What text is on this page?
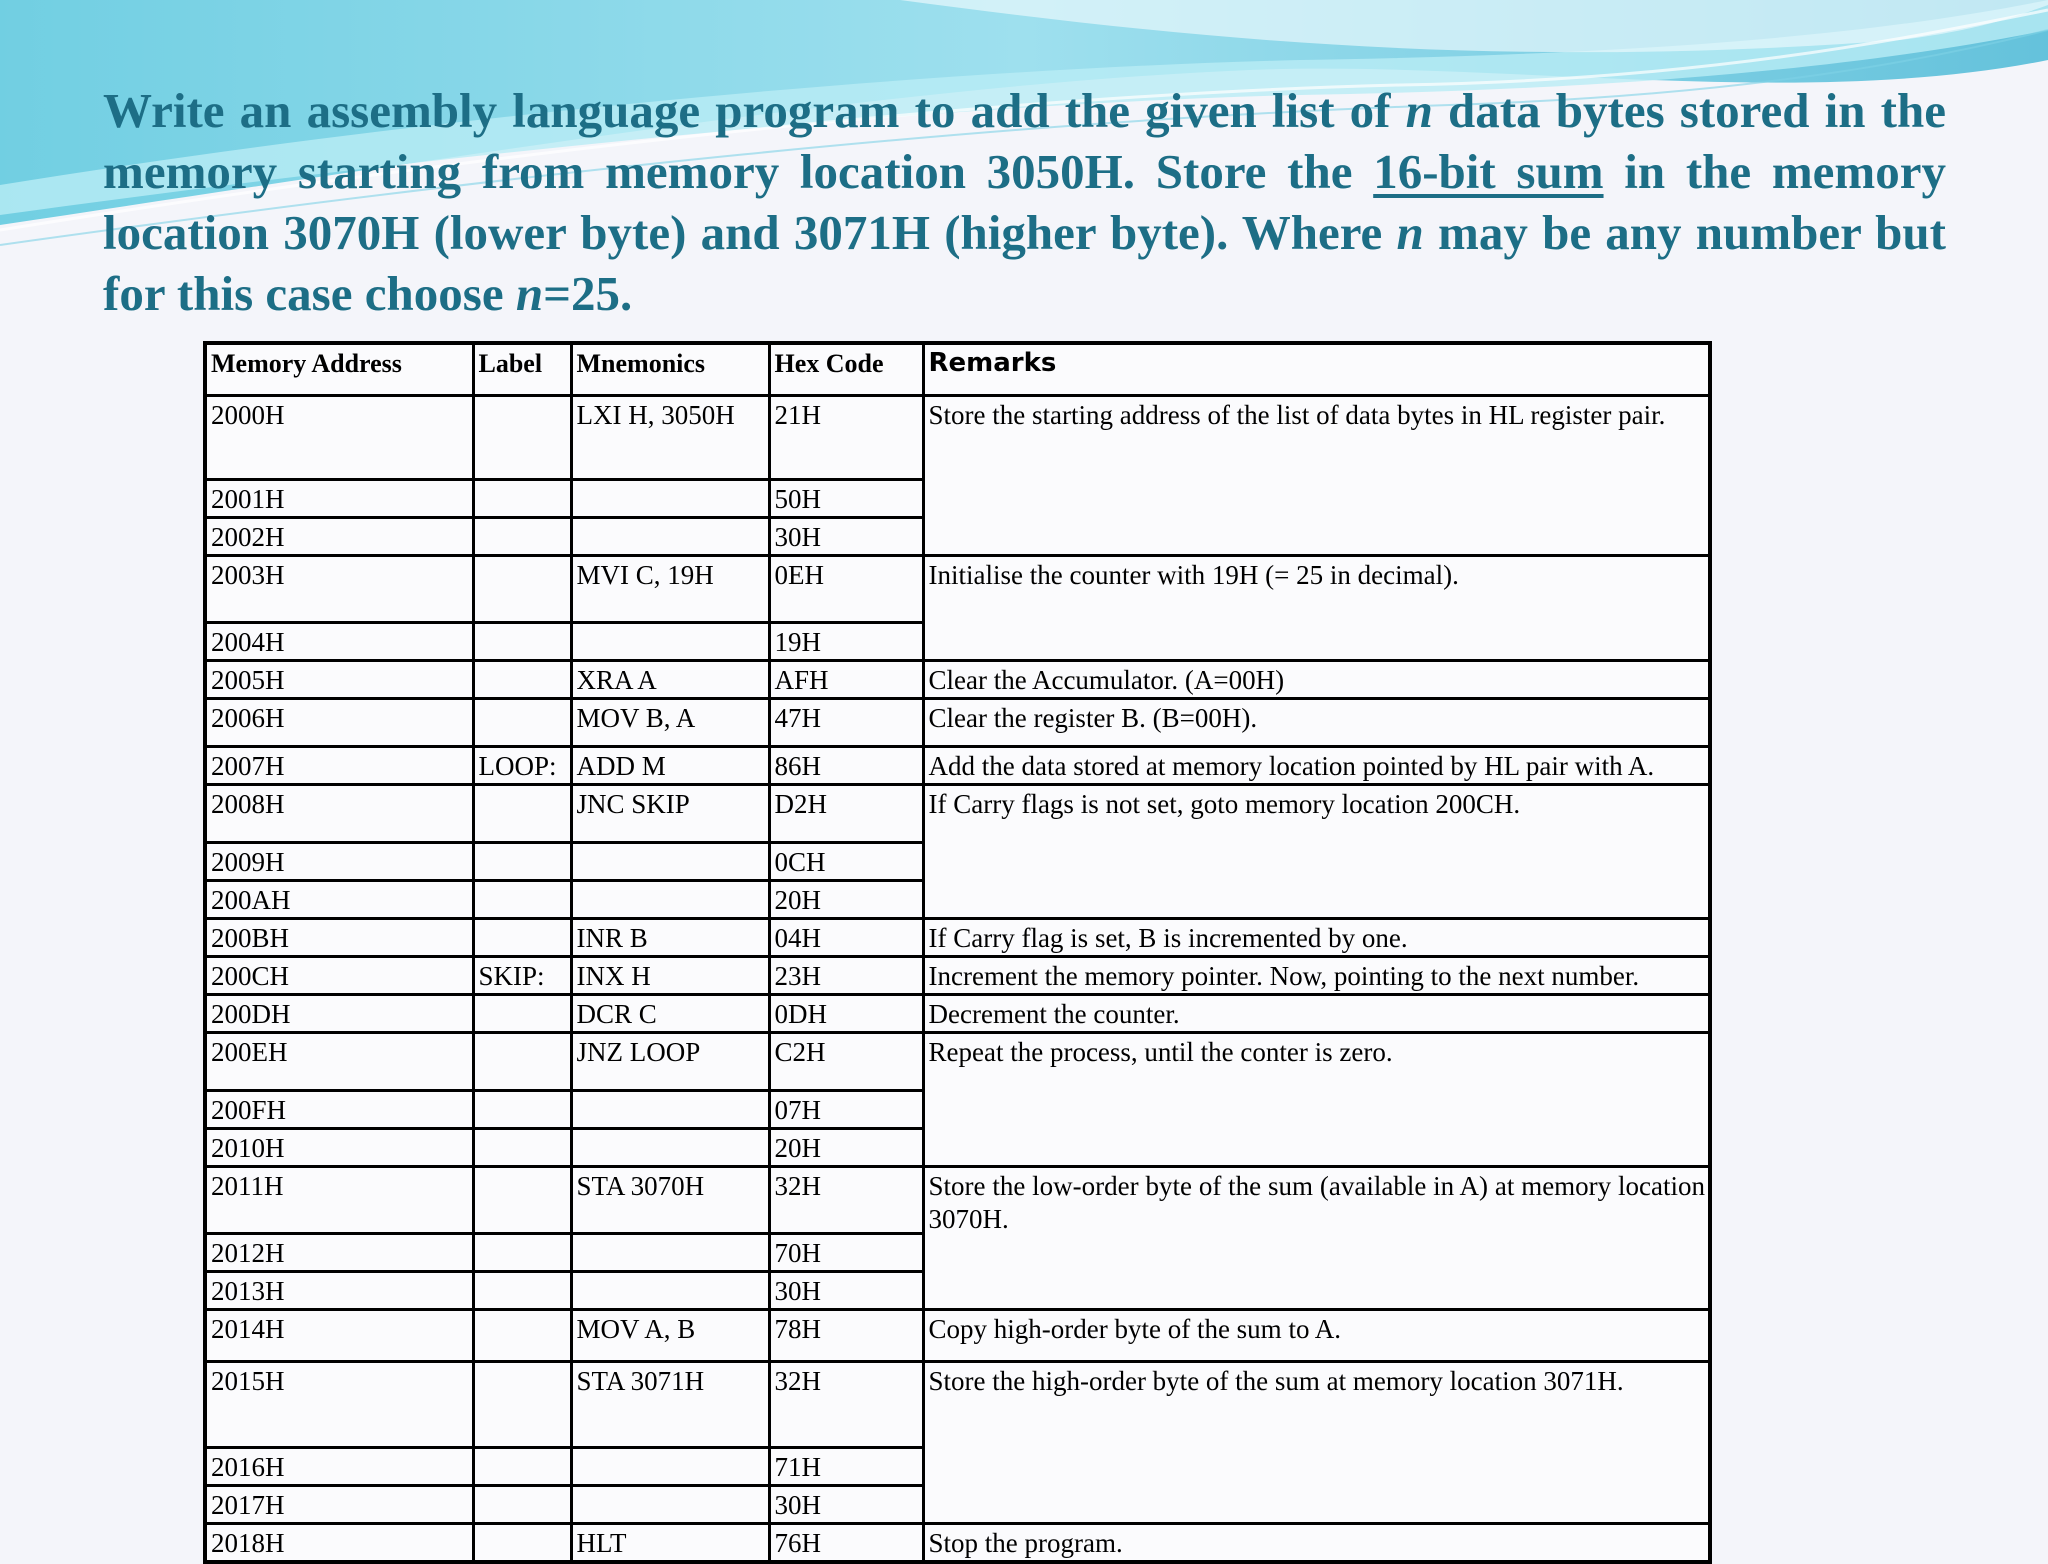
Write an assembly language program to add the given list of n data bytes stored in the memory starting from memory location 3050H. Store the 16-bit sum in the memory location 3070H (lower byte) and 3071H (higher byte). Where n may be any number but for this case choose n=25.

Memory Address	Label	Mnemonics	Hex Code	Remarks
2000H		LXI H, 3050H	21H	Store the starting address of the list of data bytes in HL register pair.
2001H			50H	
2002H			30H	
2003H		MVI C, 19H	0EH	Initialise the counter with 19H (= 25 in decimal).
2004H			19H	
2005H		XRA A	AFH	Clear the Accumulator. (A=00H)
2006H		MOV B, A	47H	Clear the register B. (B=00H).
2007H	LOOP:	ADD M	86H	Add the data stored at memory location pointed by HL pair with A.
2008H		JNC SKIP	D2H	If Carry flags is not set, goto memory location 200CH.
2009H			0CH	
200AH			20H	
200BH		INR B	04H	If Carry flag is set, B is incremented by one.
200CH	SKIP:	INX H	23H	Increment the memory pointer. Now, pointing to the next number.
200DH		DCR C	0DH	Decrement the counter.
200EH		JNZ LOOP	C2H	Repeat the process, until the conter is zero.
200FH			07H	
2010H			20H	
2011H		STA 3070H	32H	Store the low-order byte of the sum (available in A) at memory location 3070H.
2012H			70H	
2013H			30H	
2014H		MOV A, B	78H	Copy high-order byte of the sum to A.
2015H		STA 3071H	32H	Store the high-order byte of the sum at memory location 3071H.
2016H			71H	
2017H			30H	
2018H		HLT	76H	Stop the program.
